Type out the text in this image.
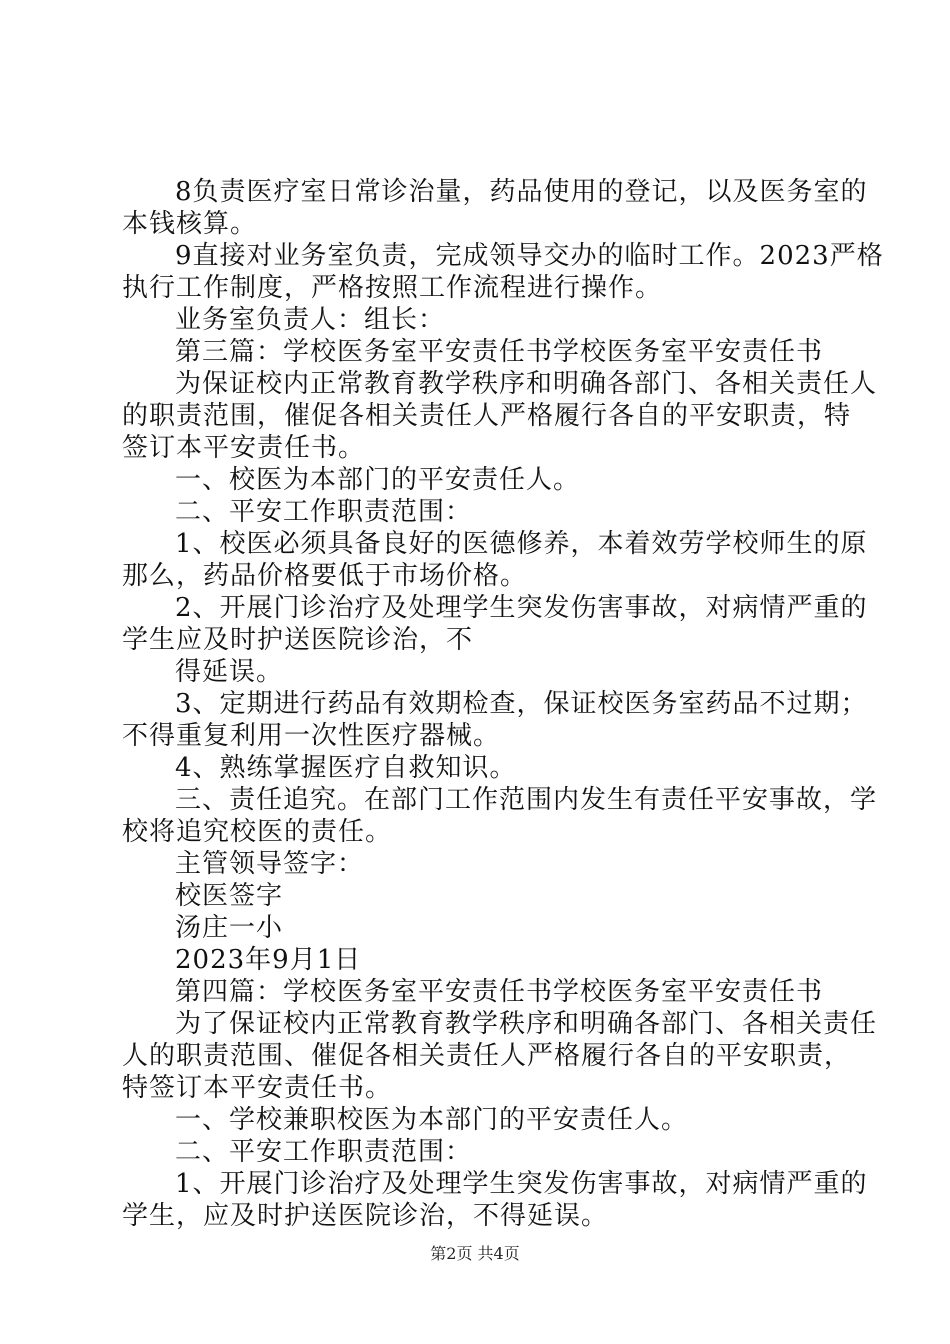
8负责医疗室日常诊治量，药品使用的登记，以及医务室的
本钱核算。
9直接对业务室负责，完成领导交办的临时工作。2023严格
执行工作制度，严格按照工作流程进行操作。
业务室负责人：组长：
第三篇：学校医务室平安责任书学校医务室平安责任书
为保证校内正常教育教学秩序和明确各部门、各相关责任人
的职责范围，催促各相关责任人严格履行各自的平安职责，特
签订本平安责任书。
一、校医为本部门的平安责任人。
二、平安工作职责范围：
1、校医必须具备良好的医德修养，本着效劳学校师生的原
那么，药品价格要低于市场价格。
2、开展门诊治疗及处理学生突发伤害事故，对病情严重的
学生应及时护送医院诊治，不
得延误。
3、定期进行药品有效期检查，保证校医务室药品不过期；
不得重复利用一次性医疗器械。
4、熟练掌握医疗自救知识。
三、责任追究。在部门工作范围内发生有责任平安事故，学
校将追究校医的责任。
主管领导签字：
校医签字
汤庄一小
2023年9月1日
第四篇：学校医务室平安责任书学校医务室平安责任书
为了保证校内正常教育教学秩序和明确各部门、各相关责任
人的职责范围、催促各相关责任人严格履行各自的平安职责，
特签订本平安责任书。
一、学校兼职校医为本部门的平安责任人。
二、平安工作职责范围：
1、开展门诊治疗及处理学生突发伤害事故，对病情严重的
学生，应及时护送医院诊治，不得延误。
第2页 共4页
